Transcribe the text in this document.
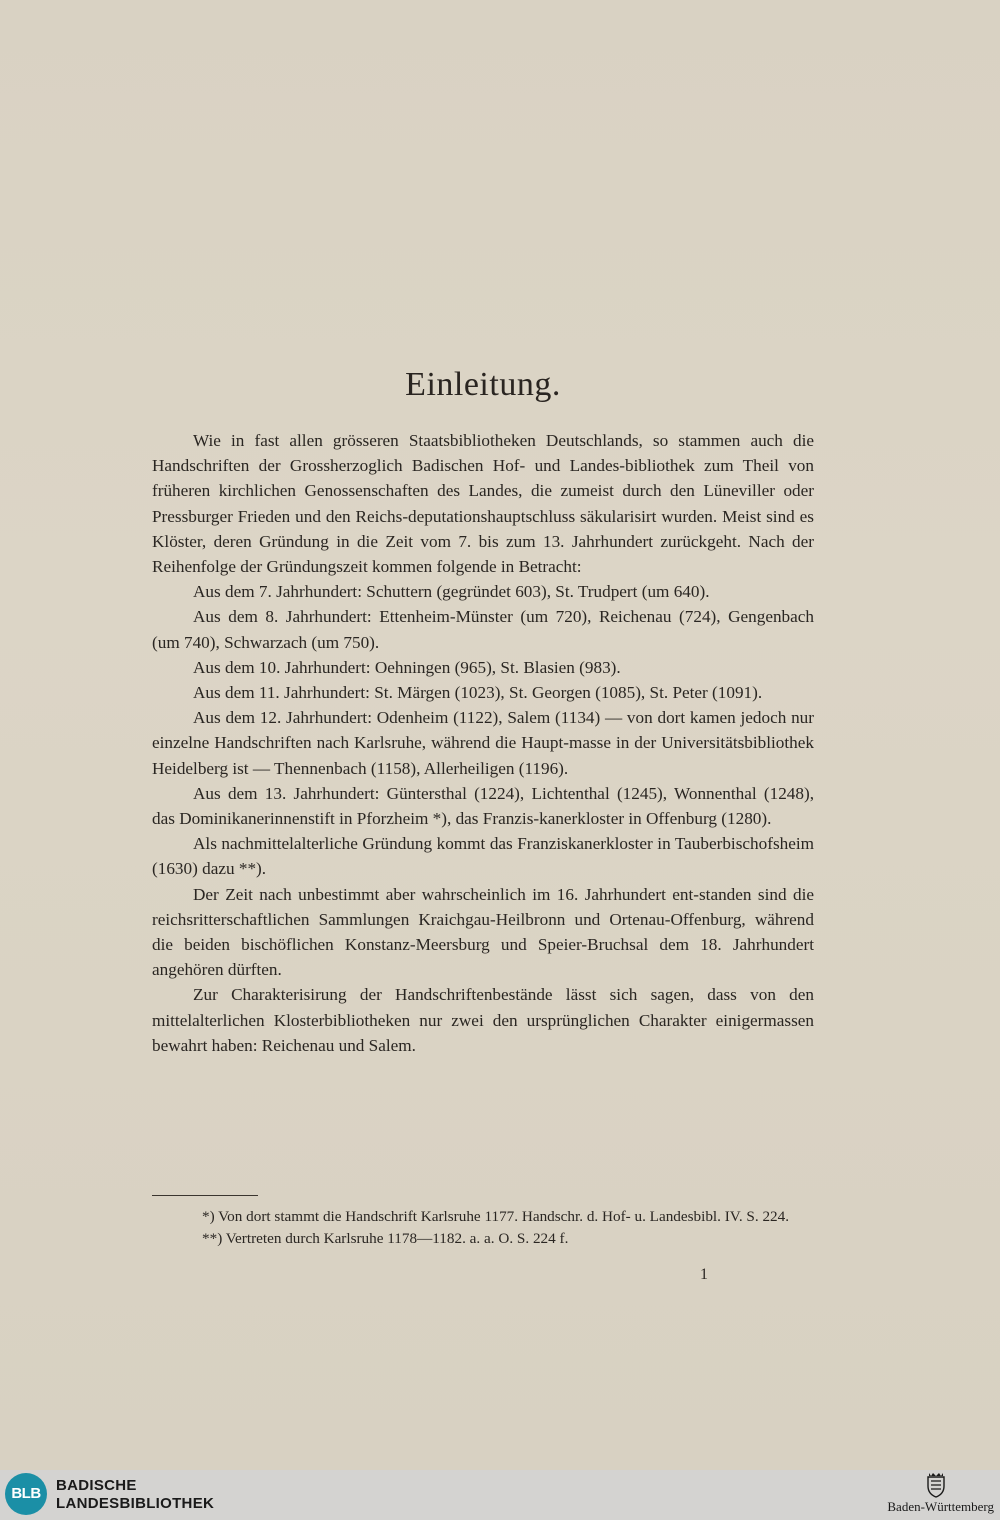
Einleitung.

Wie in fast allen grösseren Staatsbibliotheken Deutschlands, so stammen auch die Handschriften der Grossherzoglich Badischen Hof- und Landes-bibliothek zum Theil von früheren kirchlichen Genossenschaften des Landes, die zumeist durch den Lüneviller oder Pressburger Frieden und den Reichs-deputationshauptschluss säkularisirt wurden. Meist sind es Klöster, deren Gründung in die Zeit vom 7. bis zum 13. Jahrhundert zurückgeht. Nach der Reihenfolge der Gründungszeit kommen folgende in Betracht:

Aus dem 7. Jahrhundert: Schuttern (gegründet 603), St. Trudpert (um 640).

Aus dem 8. Jahrhundert: Ettenheim-Münster (um 720), Reichenau (724), Gengenbach (um 740), Schwarzach (um 750).

Aus dem 10. Jahrhundert: Oehningen (965), St. Blasien (983).

Aus dem 11. Jahrhundert: St. Märgen (1023), St. Georgen (1085), St. Peter (1091).

Aus dem 12. Jahrhundert: Odenheim (1122), Salem (1134) — von dort kamen jedoch nur einzelne Handschriften nach Karlsruhe, während die Haupt-masse in der Universitätsbibliothek Heidelberg ist — Thennenbach (1158), Allerheiligen (1196).

Aus dem 13. Jahrhundert: Güntersthal (1224), Lichtenthal (1245), Wonnenthal (1248), das Dominikanerinnenstift in Pforzheim *), das Franzis-kanerkloster in Offenburg (1280).

Als nachmittelalterliche Gründung kommt das Franziskanerkloster in Tauberbischofsheim (1630) dazu **).

Der Zeit nach unbestimmt aber wahrscheinlich im 16. Jahrhundert ent-standen sind die reichsritterschaftlichen Sammlungen Kraichgau-Heilbronn und Ortenau-Offenburg, während die beiden bischöflichen Konstanz-Meersburg und Speier-Bruchsal dem 18. Jahrhundert angehören dürften.

Zur Charakterisirung der Handschriftenbestände lässt sich sagen, dass von den mittelalterlichen Klosterbibliotheken nur zwei den ursprünglichen Charakter einigermassen bewahrt haben: Reichenau und Salem.

*) Von dort stammt die Handschrift Karlsruhe 1177. Handschr. d. Hof- u. Landesbibl. IV. S. 224.

**) Vertreten durch Karlsruhe 1178—1182. a. a. O. S. 224 f.

1
BLB	BADISCHE
LANDESBIBLIOTHEK	Baden-Württemberg
